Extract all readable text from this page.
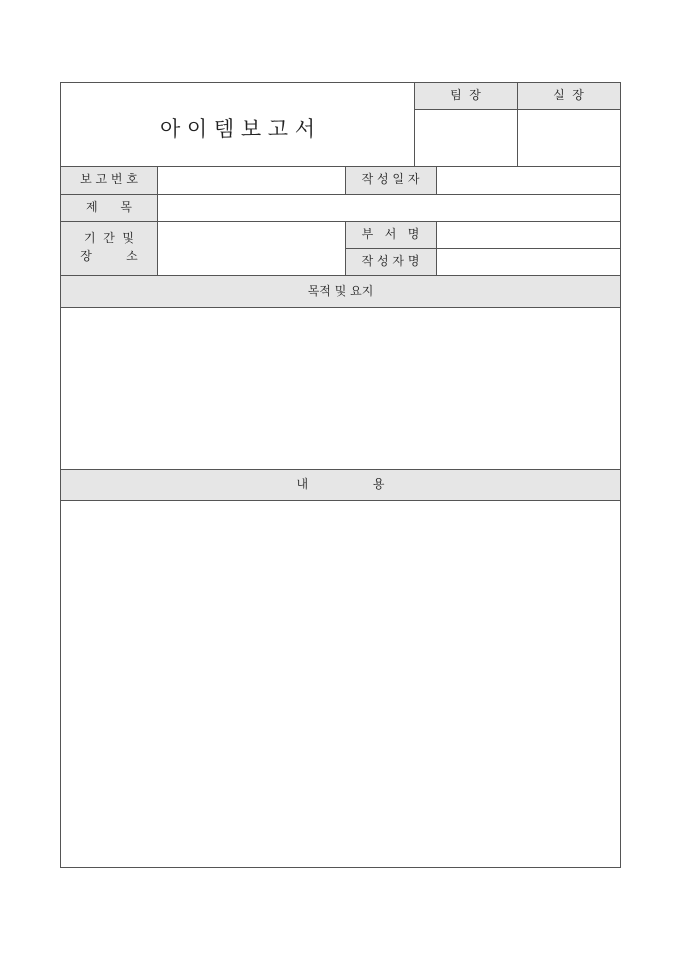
아 이 템 보 고 서
팀  장	실  장
보 고 번 호	작 성 일 자
제      목
기  간  및
장         소
부   서   명
작 성 자 명
목적 및 요지
내                 용
